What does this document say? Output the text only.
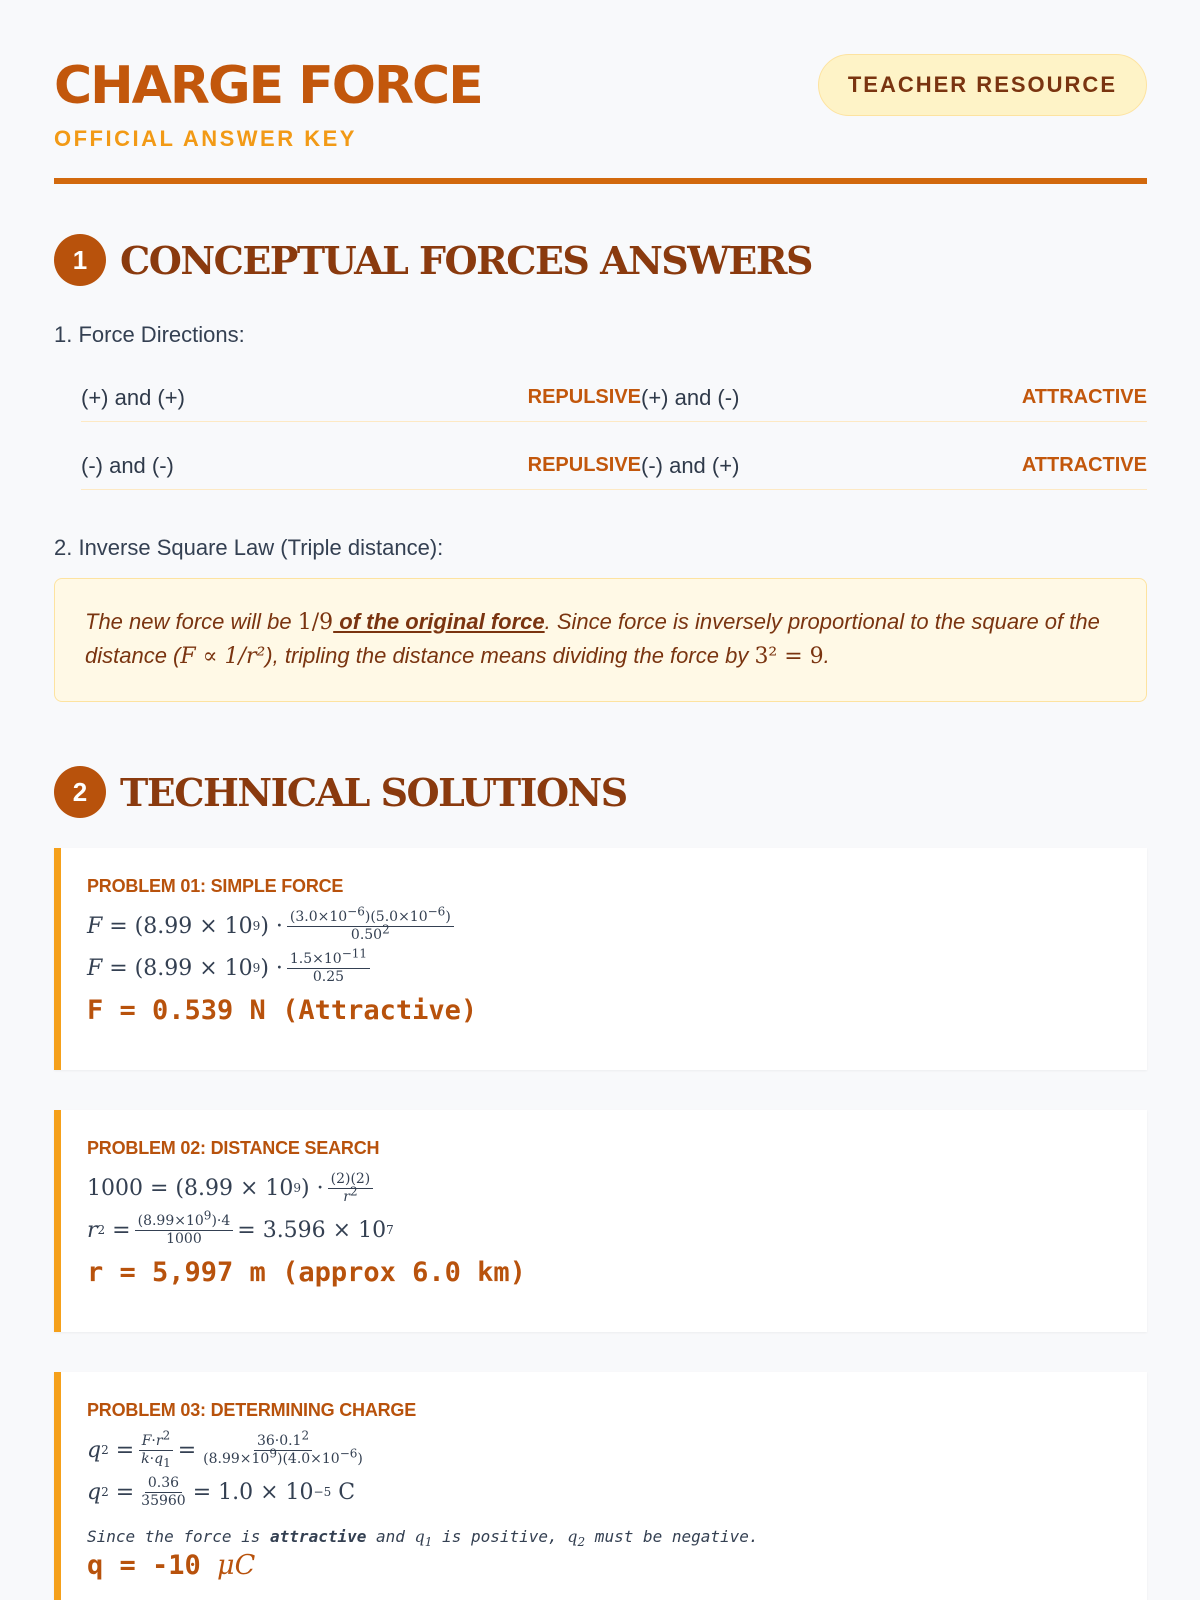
CHARGE FORCE
OFFICIAL ANSWER KEY
TEACHER RESOURCE
1 CONCEPTUAL FORCES ANSWERS
1. Force Directions:
(+) and (+)	REPULSIVE (+) and (-)	ATTRACTIVE
(-) and (-)	REPULSIVE (-) and (+)	ATTRACTIVE
2. Inverse Square Law (Triple distance):
The new force will be 1/9 of the original force. Since force is inversely proportional to the square of the distance (F ∝ 1/r²), tripling the distance means dividing the force by 3² = 9.
2 TECHNICAL SOLUTIONS
PROBLEM 01: SIMPLE FORCE
F = (8.99 × 10 9 ) · $\frac{(3.0\times 10^{-6})(5.0\times 10^{-6})}{0.50^2}$
F = (8.99 × 10 9 ) · $\frac{1.5\times 10^{-11}}{0.25}$
F = 0.539 N (Attractive)
PROBLEM 02: DISTANCE SEARCH
1000 = (8.99 × 10 9 ) · $\frac{(2)(2)}{r^2}$
r $2 = \frac{(8.99\times 10^9)\cdot 4}{1000} = 3.596 \times 10$ 7
r = 5,997 m (approx 6.0 km)
PROBLEM 03: DETERMINING CHARGE
q $2 = \frac{F\cdot r^2}{k\cdot q_1} = \frac{36\cdot 0.1^2}{(8.99\times 10^9)(4.0\times 10^{-6})}$
q $2 = \frac{0.36}{35960} = 1.0 \times 10 -5$ C
Since the force is attractive and $q_1$ is positive, $q_2$ must be negative.
q = -10 μC
